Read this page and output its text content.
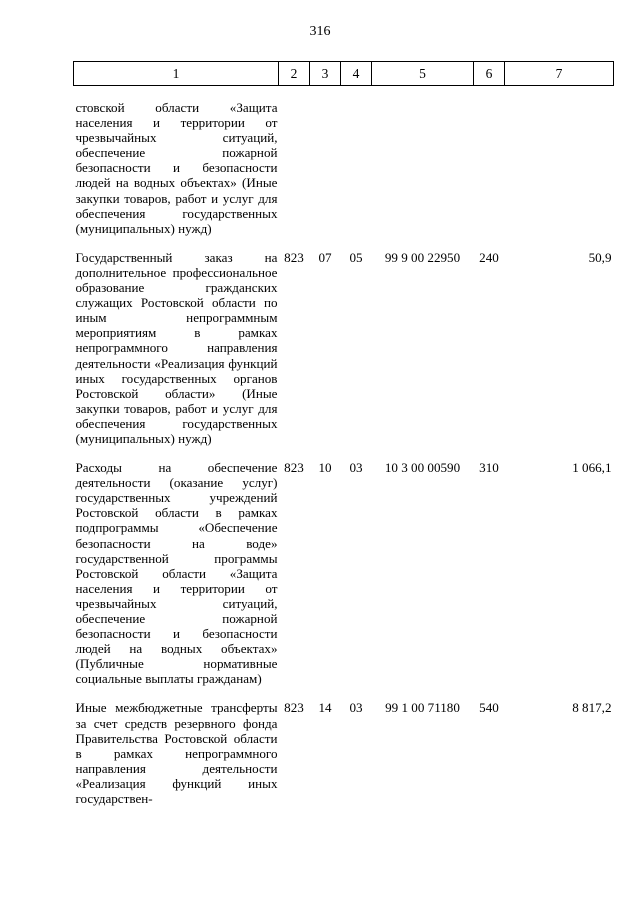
316
1	2	3	4	5	6	7

стовской области «Защита населения и территории от чрезвычайных ситуаций, обеспечение пожарной безопасности и безопасности людей на водных объектах» (Иные закупки товаров, работ и услуг для обеспечения государственных (муниципальных) нужд)						

Государственный заказ на дополнительное профессиональное образование гражданских служащих Ростовской области по иным непрограммным мероприятиям в рамках непрограммного направления деятельности «Реализация функций иных государственных органов Ростовской области» (Иные закупки товаров, работ и услуг для обеспечения государственных (муниципальных) нужд)	823	07	05	99 9 00 22950	240	50,9

Расходы на обеспечение деятельности (оказание услуг) государственных учреждений Ростовской области в рамках подпрограммы «Обеспечение безопасности на воде» государственной программы Ростовской области «Защита населения и территории от чрезвычайных ситуаций, обеспечение пожарной безопасности и безопасности людей на водных объектах» (Публичные нормативные социальные выплаты гражданам)	823	10	03	10 3 00 00590	310	1 066,1

Иные межбюджетные трансферты за счет средств резервного фонда Правительства Ростовской области в рамках непрограммного направления деятельности «Реализация функций иных государствен-	823	14	03	99 1 00 71180	540	8 817,2
